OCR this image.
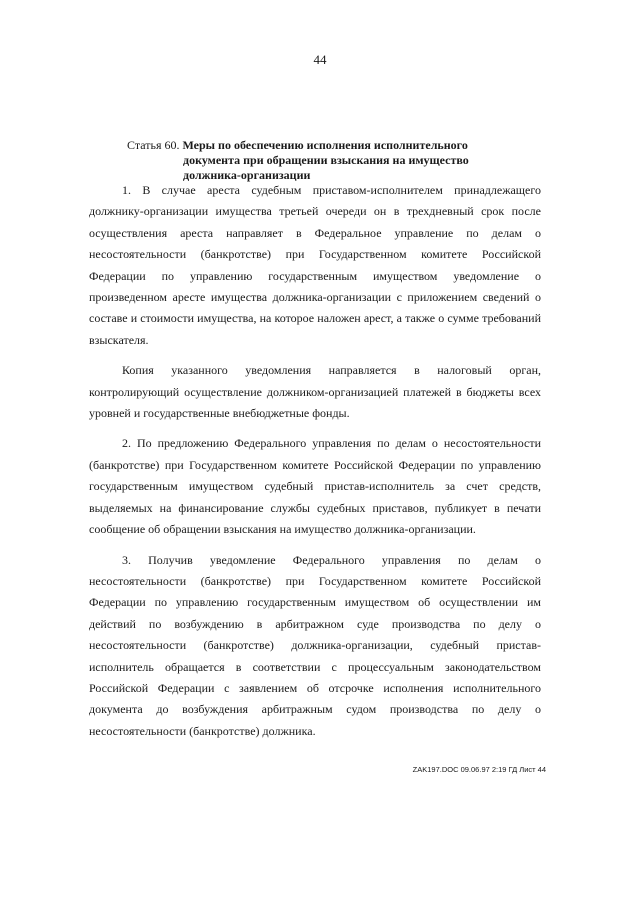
44
Статья 60. Меры по обеспечению исполнения исполнительного
документа при обращении взыскания на имущество
должника-организации

1. В случае ареста судебным приставом-исполнителем принадлежащего должнику-организации имущества третьей очереди он в трехдневный срок после осуществления ареста направляет в Федеральное управление по делам о несостоятельности (банкротстве) при Государственном комитете Российской Федерации по управлению государственным имуществом уведомление о произведенном аресте имущества должника-организации с приложением сведений о составе и стоимости имущества, на которое наложен арест, а также о сумме требований взыскателя.

Копия указанного уведомления направляется в налоговый орган, контролирующий осуществление должником-организацией платежей в бюджеты всех уровней и государственные внебюджетные фонды.

2. По предложению Федерального управления по делам о несостоятельности (банкротстве) при Государственном комитете Российской Федерации по управлению государственным имуществом судебный пристав-исполнитель за счет средств, выделяемых на финансирование службы судебных приставов, публикует в печати сообщение об обращении взыскания на имущество должника-организации.

3. Получив уведомление Федерального управления по делам о несостоятельности (банкротстве) при Государственном комитете Российской Федерации по управлению государственным имуществом об осуществлении им действий по возбуждению в арбитражном суде производства по делу о несостоятельности (банкротстве) должника-организации, судебный пристав-исполнитель обращается в соответствии с процессуальным законодательством Российской Федерации с заявлением об отсрочке исполнения исполнительного документа до возбуждения арбитражным судом производства по делу о несостоятельности (банкротстве) должника.

ZAK197.DOC 09.06.97 2:19 ГД Лист 44
